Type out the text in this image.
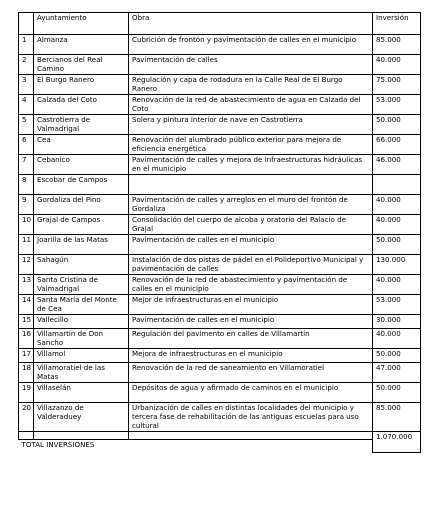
	Ayuntamiento	Obra	Inversión
1	Almanza	Cubrición de frontón y pavimentación de calles en el municipio	85.000
2	Bercianos del Real Camino	Pavimentación de calles	40.000
3	El Burgo Ranero	Regulación y capa de rodadura en la Calle Real de El Burgo Ranero	75.000
4	Calzada del Coto	Renovación de la red de abastecimiento de agua en Calzada del Coto	53.000
5	Castrotierra de Valmadrigal	Solera y pintura interior de nave en Castrotierra	50.000
6	Cea	Renovación del alumbrado público exterior para mejora de eficiencia energética	66.000
7	Cebanico	Pavimentación de calles y mejora de infraestructuras hidráulicas en el municipio	46.000
8	Escobar de Campos		
9	Gordaliza del Pino	Pavimentación de calles y arreglos en el muro del frontón de Gordaliza	40.000
10	Grajal de Campos	Consolidación del cuerpo de alcoba y oratorio del Palacio de Grajal	40.000
11	Joarilla de las Matas	Pavimentación de calles en el municipio	50.000
12	Sahagún	Instalación de dos pistas de pádel en el Polideportivo Municipal y pavimentación de calles	130.000
13	Santa Cristina de Valmadrigal	Renovación de la red de abastecimiento y pavimentación de calles en el municipio	40.000
14	Santa María del Monte de Cea	Mejor de infraestructuras en el municipio	53.000
15	Vallecillo	Pavimentación de calles en el municipio	30.000
16	Villamartín de Don Sancho	Regulación del pavimento en calles de Villamartín	40.000
17	Villamol	Mejora de infraestructuras en el municipio	50.000
18	Villamoratiel de las Matas	Renovación de la red de saneamiento en Villamoratiel	47.000
19	Villaselán	Depósitos de agua y afirmado de caminos en el municipio	50.000
20	Villazanzo de Valderaduey	Urbanización de calles en distintas localidades del municipio y tercera fase de rehabilitación de las antiguas escuelas para uso cultural	85.000
			1.070.000
TOTAL INVERSIONES			
